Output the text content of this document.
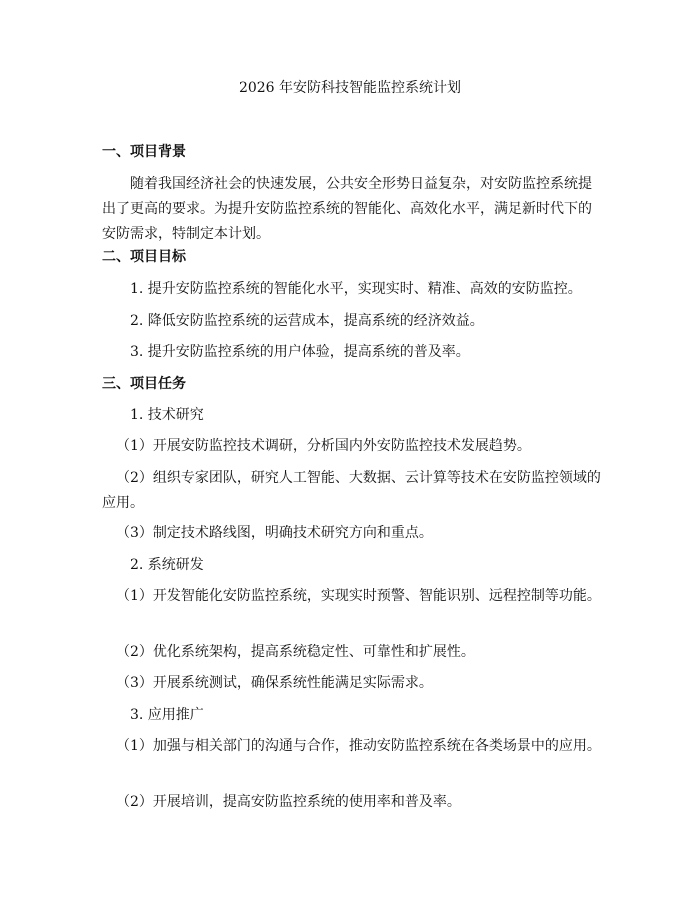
2026 年安防科技智能监控系统计划
一、项目背景
随着我国经济社会的快速发展，公共安全形势日益复杂，对安防监控系统提出了更高的要求。为提升安防监控系统的智能化、高效化水平，满足新时代下的安防需求，特制定本计划。
二、项目目标
1. 提升安防监控系统的智能化水平，实现实时、精准、高效的安防监控。
2. 降低安防监控系统的运营成本，提高系统的经济效益。
3. 提升安防监控系统的用户体验，提高系统的普及率。
三、项目任务
1. 技术研究
（1）开展安防监控技术调研，分析国内外安防监控技术发展趋势。
（2）组织专家团队，研究人工智能、大数据、云计算等技术在安防监控领域的应用。
（3）制定技术路线图，明确技术研究方向和重点。
2. 系统研发
（1）开发智能化安防监控系统，实现实时预警、智能识别、远程控制等功能。
（2）优化系统架构，提高系统稳定性、可靠性和扩展性。
（3）开展系统测试，确保系统性能满足实际需求。
3. 应用推广
（1）加强与相关部门的沟通与合作，推动安防监控系统在各类场景中的应用。
（2）开展培训，提高安防监控系统的使用率和普及率。
